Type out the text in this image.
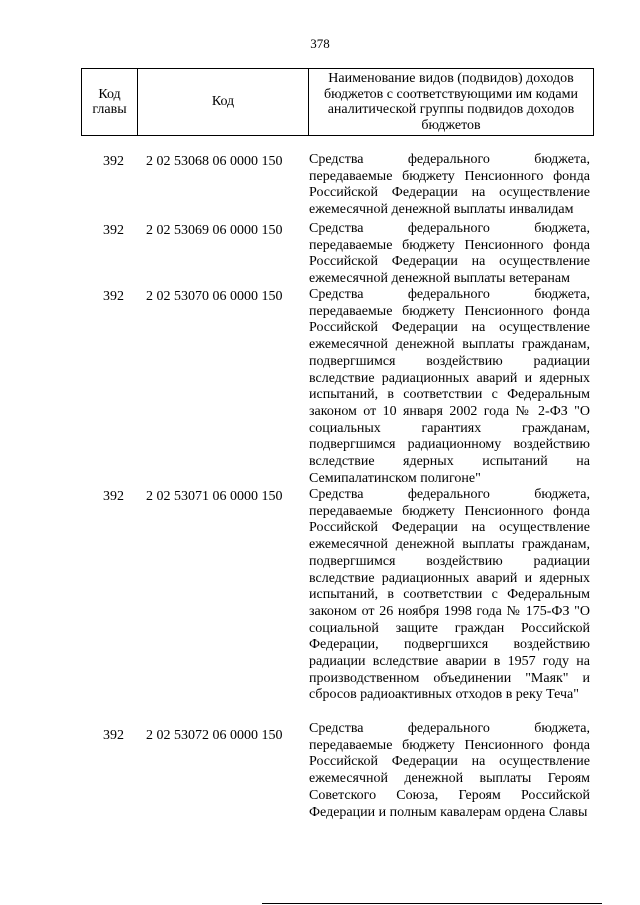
378
Код главы	Код	Наименование видов (подвидов) доходов бюджетов с соответствующими им кодами аналитической группы подвидов доходов бюджетов
392	2 02 53068 06 0000 150	Средства федерального бюджета, передаваемые бюджету Пенсионного фонда Российской Федерации на осуществление ежемесячной денежной выплаты инвалидам
392	2 02 53069 06 0000 150	Средства федерального бюджета, передаваемые бюджету Пенсионного фонда Российской Федерации на осуществление ежемесячной денежной выплаты ветеранам
392	2 02 53070 06 0000 150	Средства федерального бюджета, передаваемые бюджету Пенсионного фонда Российской Федерации на осуществление ежемесячной денежной выплаты гражданам, подвергшимся воздействию радиации вследствие радиационных аварий и ядерных испытаний, в соответствии с Федеральным законом от 10 января 2002 года № 2-ФЗ "О социальных гарантиях гражданам, подвергшимся радиационному воздействию вследствие ядерных испытаний на Семипалатинском полигоне"
392	2 02 53071 06 0000 150	Средства федерального бюджета, передаваемые бюджету Пенсионного фонда Российской Федерации на осуществление ежемесячной денежной выплаты гражданам, подвергшимся воздействию радиации вследствие радиационных аварий и ядерных испытаний, в соответствии с Федеральным законом от 26 ноября 1998 года № 175-ФЗ "О социальной защите граждан Российской Федерации, подвергшихся воздействию радиации вследствие аварии в 1957 году на производственном объединении "Маяк" и сбросов радиоактивных отходов в реку Теча"
392	2 02 53072 06 0000 150	Средства федерального бюджета, передаваемые бюджету Пенсионного фонда Российской Федерации на осуществление ежемесячной денежной выплаты Героям Советского Союза, Героям Российской Федерации и полным кавалерам ордена Славы
